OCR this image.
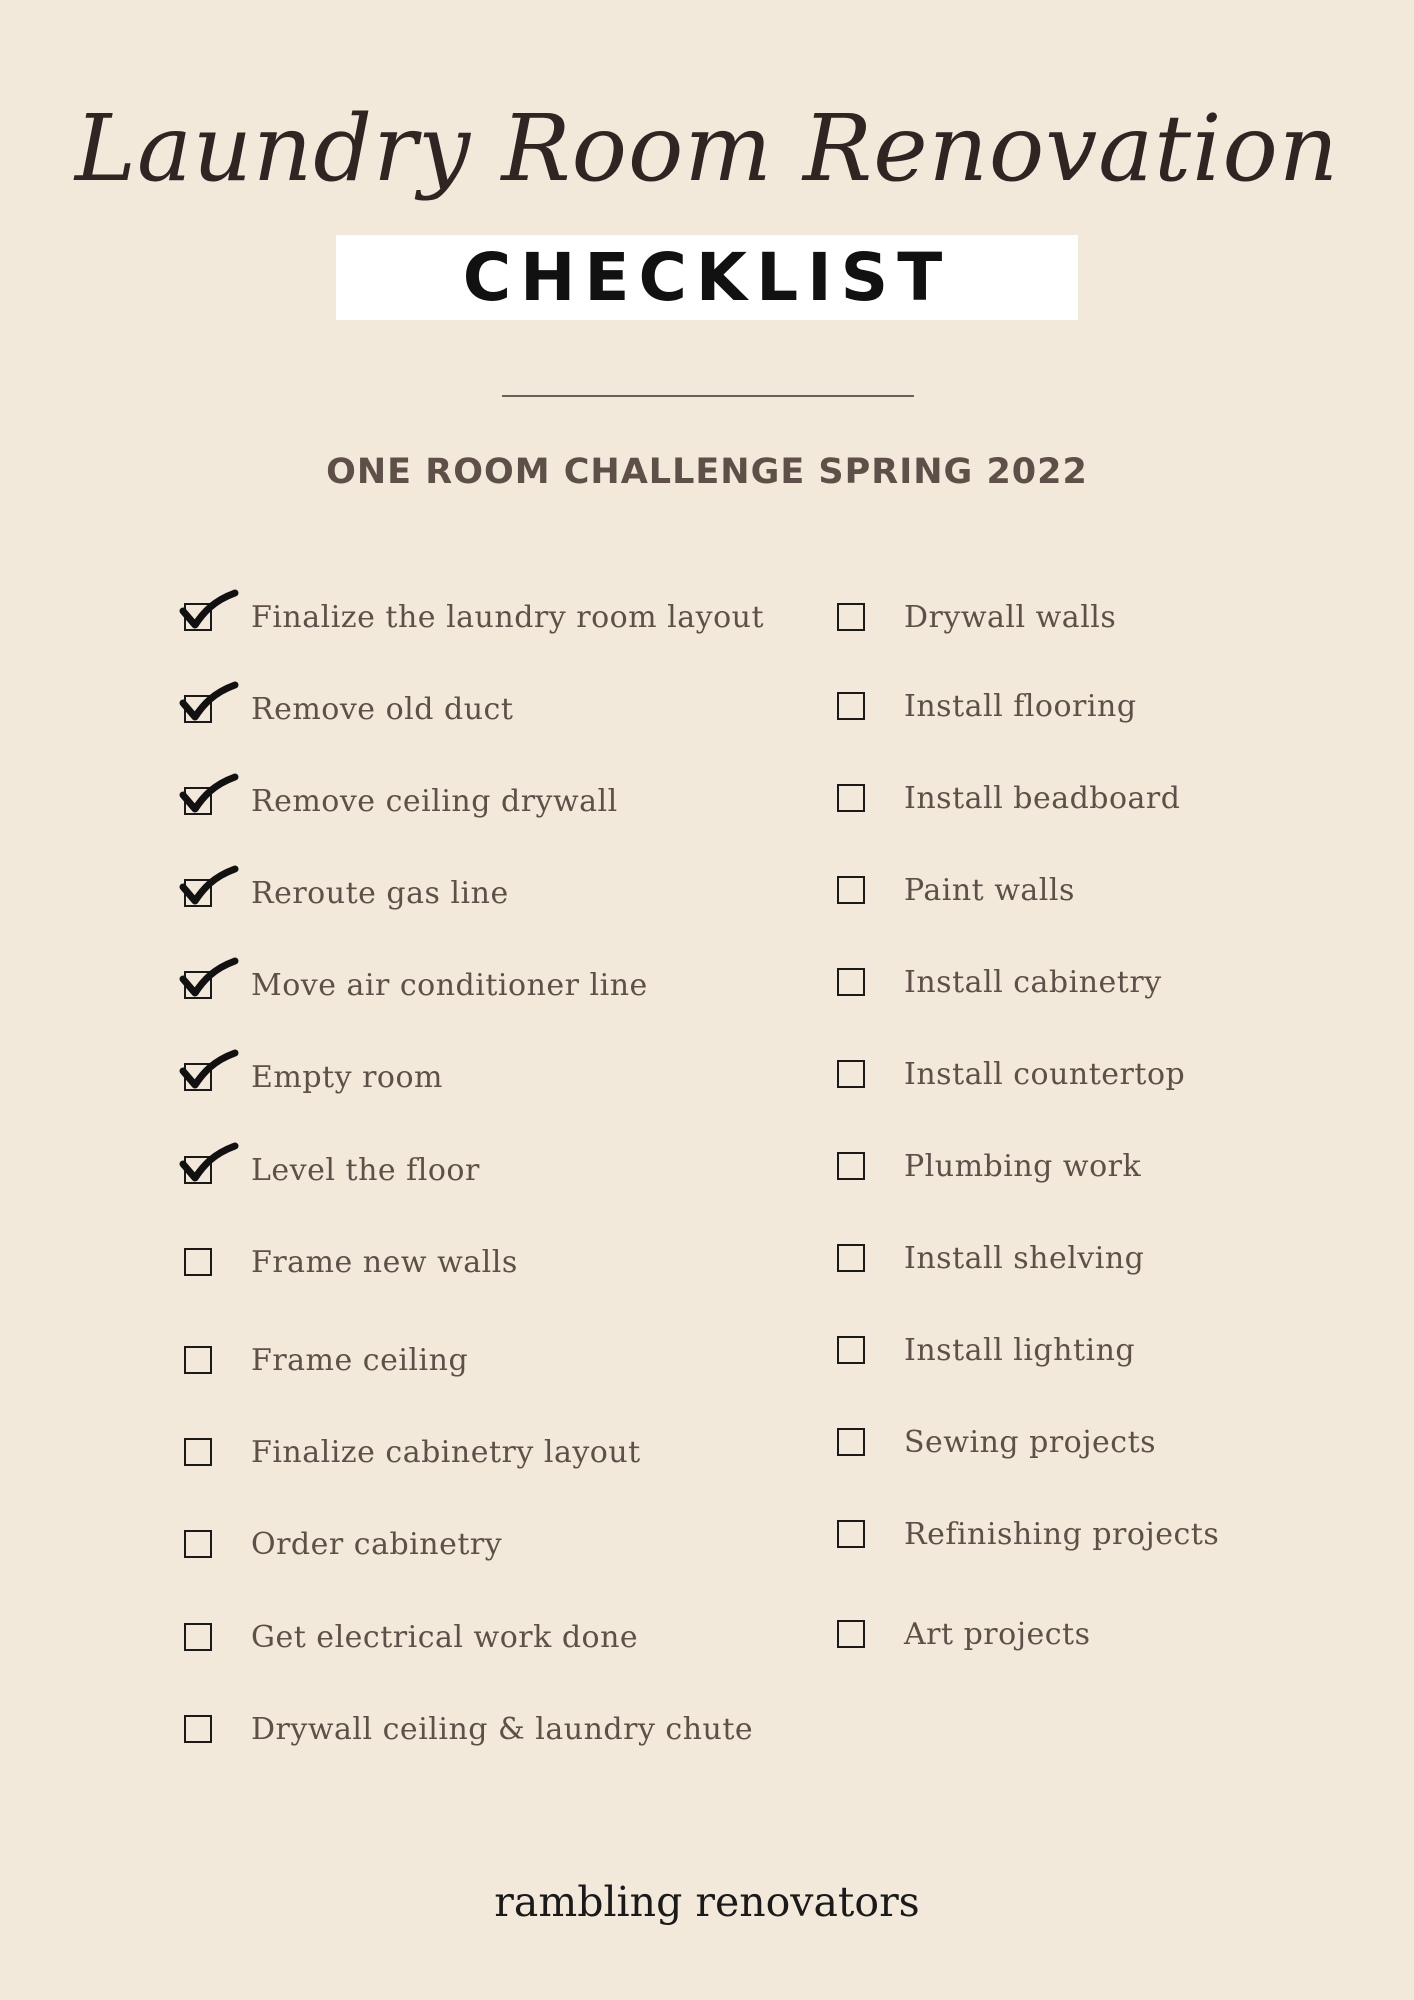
Laundry Room Renovation
CHECKLIST
ONE ROOM CHALLENGE SPRING 2022
Finalize the laundry room layout
Remove old duct
Remove ceiling drywall
Reroute gas line
Move air conditioner line
Empty room
Level the floor
Frame new walls
Frame ceiling
Finalize cabinetry layout
Order cabinetry
Get electrical work done
Drywall ceiling & laundry chute
Drywall walls
Install flooring
Install beadboard
Paint walls
Install cabinetry
Install countertop
Plumbing work
Install shelving
Install lighting
Sewing projects
Refinishing projects
Art projects
rambling renovators
